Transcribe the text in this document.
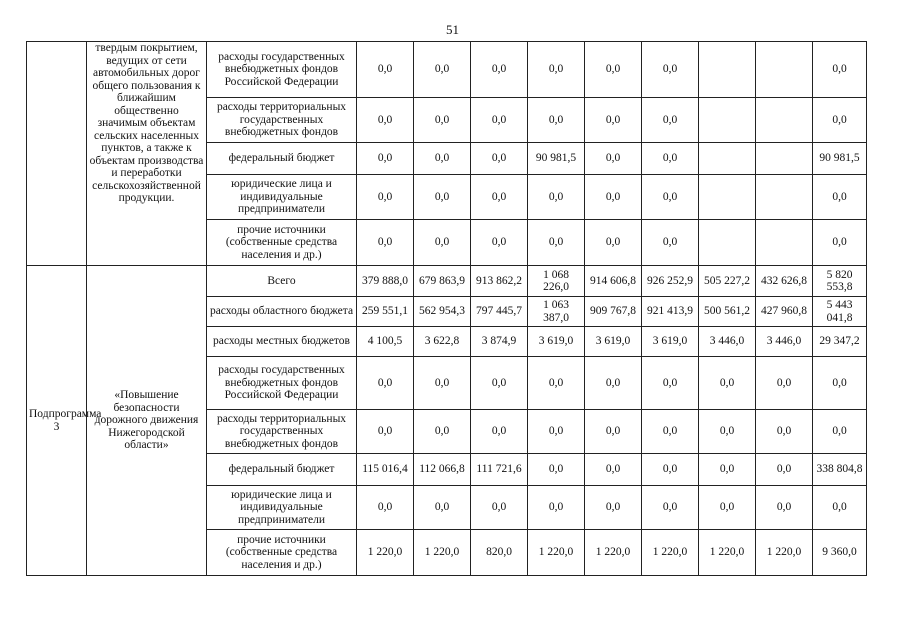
51
	твердым покрытием, ведущих от сети автомобильных дорог общего пользования к ближайшим общественно значимым объектам сельских населенных пунктов, а также к объектам производства и переработки сельскохозяйственной продукции.	расходы государственных внебюджетных фондов Российской Федерации	0,0	0,0	0,0	0,0	0,0	0,0			0,0
		расходы территориальных государственных внебюджетных фондов	0,0	0,0	0,0	0,0	0,0	0,0			0,0
		федеральный бюджет	0,0	0,0	0,0	90 981,5	0,0	0,0			90 981,5
		юридические лица и индивидуальные предприниматели	0,0	0,0	0,0	0,0	0,0	0,0			0,0
		прочие источники (собственные средства населения и др.)	0,0	0,0	0,0	0,0	0,0	0,0			0,0
Подпрограмма 3	«Повышение безопасности дорожного движения Нижегородской области»	Всего	379 888,0	679 863,9	913 862,2	1 068 226,0	914 606,8	926 252,9	505 227,2	432 626,8	5 820 553,8
		расходы областного бюджета	259 551,1	562 954,3	797 445,7	1 063 387,0	909 767,8	921 413,9	500 561,2	427 960,8	5 443 041,8
		расходы местных бюджетов	4 100,5	3 622,8	3 874,9	3 619,0	3 619,0	3 619,0	3 446,0	3 446,0	29 347,2
		расходы государственных внебюджетных фондов Российской Федерации	0,0	0,0	0,0	0,0	0,0	0,0	0,0	0,0	0,0
		расходы территориальных государственных внебюджетных фондов	0,0	0,0	0,0	0,0	0,0	0,0	0,0	0,0	0,0
		федеральный бюджет	115 016,4	112 066,8	111 721,6	0,0	0,0	0,0	0,0	0,0	338 804,8
		юридические лица и индивидуальные предприниматели	0,0	0,0	0,0	0,0	0,0	0,0	0,0	0,0	0,0
		прочие источники (собственные средства населения и др.)	1 220,0	1 220,0	820,0	1 220,0	1 220,0	1 220,0	1 220,0	1 220,0	9 360,0
